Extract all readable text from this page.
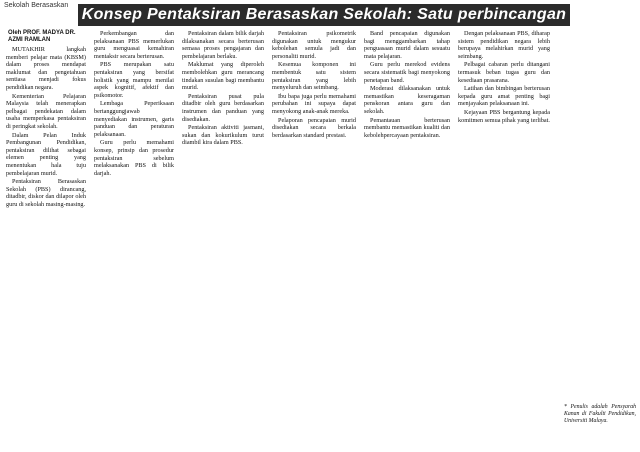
Sekolah Berasaskan
Konsep Pentaksiran Berasaskan Sekolah: Satu perbincangan
Oleh PROF. MADYA DR.
AZMI RAMLAN

MUTAKHIR langkah memberi pelajar mata (KBSM) dalam proses mendapat maklumat dan pengetahuan sentiasa menjadi fokus pendidikan negara.

Kementerian Pelajaran Malaysia telah menerapkan pelbagai pendekatan dalam usaha memperkasa pentaksiran di peringkat sekolah.

Dalam Pelan Induk Pembangunan Pendidikan, pentaksiran dilihat sebagai elemen penting yang menentukan hala tuju pembelajaran murid.

Pentaksiran Berasaskan Sekolah (PBS) dirancang, ditadbir, diskor dan dilapor oleh guru di sekolah masing-masing.

Perkembangan dan pelaksanaan PBS memerlukan guru menguasai kemahiran mentaksir secara berterusan.

PBS merupakan satu pentaksiran yang bersifat holistik yang mampu menilai aspek kognitif, afektif dan psikomotor.

Lembaga Peperiksaan bertanggungjawab menyediakan instrumen, garis panduan dan peraturan pelaksanaan.

Guru perlu memahami konsep, prinsip dan prosedur pentaksiran sebelum melaksanakan PBS di bilik darjah.

Pentaksiran dalam bilik darjah dilaksanakan secara berterusan semasa proses pengajaran dan pembelajaran berlaku.

Maklumat yang diperoleh membolehkan guru merancang tindakan susulan bagi membantu murid.

Pentaksiran pusat pula ditadbir oleh guru berdasarkan instrumen dan panduan yang disediakan.

Pentaksiran aktiviti jasmani, sukan dan kokurikulum turut diambil kira dalam PBS.

Pentaksiran psikometrik digunakan untuk mengukur kebolehan semula jadi dan personaliti murid.

Kesemua komponen ini membentuk satu sistem pentaksiran yang lebih menyeluruh dan seimbang.

Ibu bapa juga perlu memahami perubahan ini supaya dapat menyokong anak-anak mereka.

Pelaporan pencapaian murid disediakan secara berkala berdasarkan standard prestasi.

Band pencapaian digunakan bagi menggambarkan tahap penguasaan murid dalam sesuatu mata pelajaran.

Guru perlu merekod evidens secara sistematik bagi menyokong penetapan band.

Moderasi dilaksanakan untuk memastikan keseragaman penskoran antara guru dan sekolah.

Pemantauan berterusan membantu memastikan kualiti dan kebolehpercayaan pentaksiran.

Dengan pelaksanaan PBS, diharap sistem pendidikan negara lebih berupaya melahirkan murid yang seimbang.

Pelbagai cabaran perlu ditangani termasuk beban tugas guru dan kesediaan prasarana.

Latihan dan bimbingan berterusan kepada guru amat penting bagi menjayakan pelaksanaan ini.

Kejayaan PBS bergantung kepada komitmen semua pihak yang terlibat.

* Penulis adalah Pensyarah Kanan di Fakulti Pendidikan, Universiti Malaya.
